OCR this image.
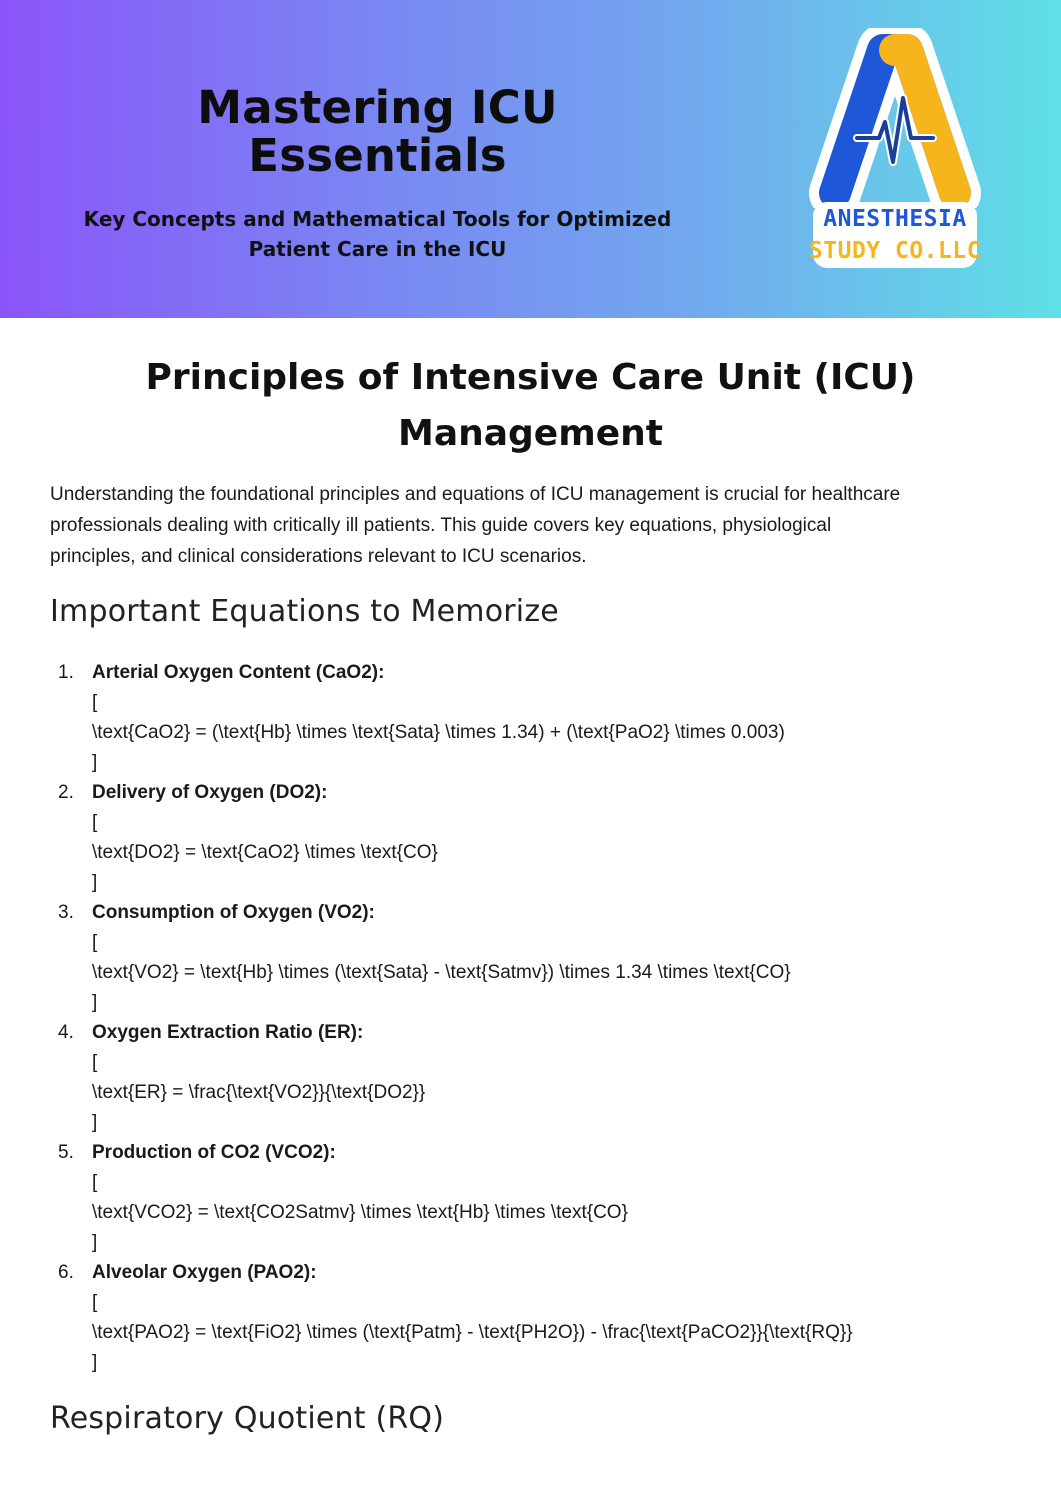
Mastering ICU
Essentials
Key Concepts and Mathematical Tools for Optimized
Patient Care in the ICU
ANESTHESIA
STUDY CO.LLC
Principles of Intensive Care Unit (ICU)
Management
Understanding the foundational principles and equations of ICU management is crucial for healthcare
professionals dealing with critically ill patients. This guide covers key equations, physiological
principles, and clinical considerations relevant to ICU scenarios.
Important Equations to Memorize
1. Arterial Oxygen Content (CaO2):
[
\text{CaO2} = (\text{Hb} \times \text{Sata} \times 1.34) + (\text{PaO2} \times 0.003)
]
2. Delivery of Oxygen (DO2):
[
\text{DO2} = \text{CaO2} \times \text{CO}
]
3. Consumption of Oxygen (VO2):
[
\text{VO2} = \text{Hb} \times (\text{Sata} - \text{Satmv}) \times 1.34 \times \text{CO}
]
4. Oxygen Extraction Ratio (ER):
[
\text{ER} = \frac{\text{VO2}}{\text{DO2}}
]
5. Production of CO2 (VCO2):
[
\text{VCO2} = \text{CO2Satmv} \times \text{Hb} \times \text{CO}
]
6. Alveolar Oxygen (PAO2):
[
\text{PAO2} = \text{FiO2} \times (\text{Patm} - \text{PH2O}) - \frac{\text{PaCO2}}{\text{RQ}}
]
Respiratory Quotient (RQ)
